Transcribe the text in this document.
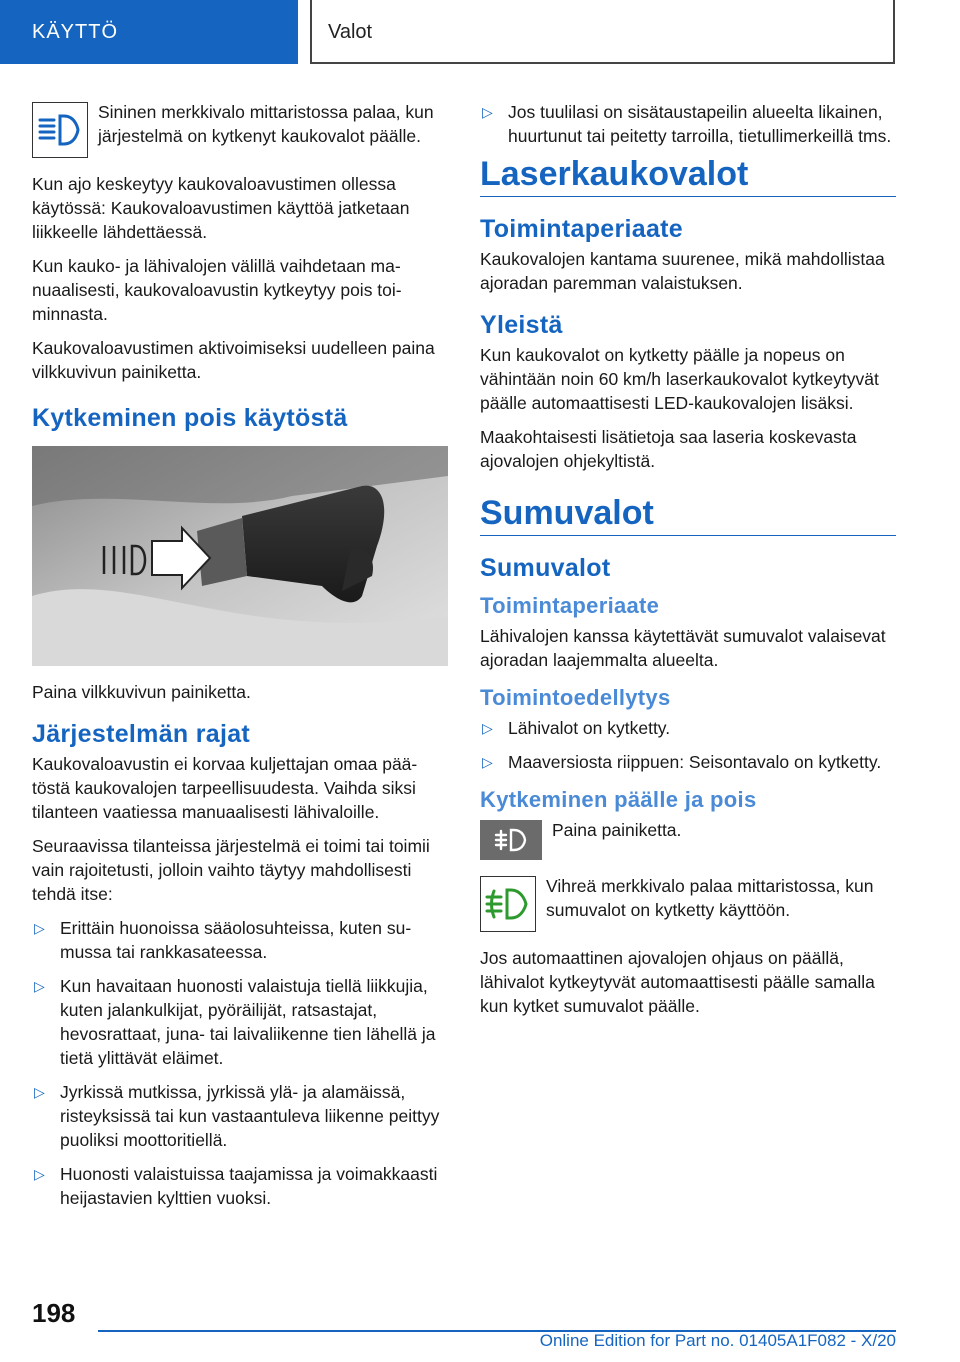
KÄYTTÖ	Valot
Sininen merkkivalo mittaristossa palaa, kun järjestelmä on kytkenyt kaukovalot päälle.

Kun ajo keskeytyy kaukovaloavustimen ollessa käytössä: Kaukovaloavustimen käyttöä jatketaan liikkeelle lähdettäessä.

Kun kauko- ja lähivalojen välillä vaihdetaan manuaalisesti, kaukovaloavustin kytkeytyy pois toiminnasta.

Kaukovaloavustimen aktivoimiseksi uudelleen paina vilkkuvivun painiketta.

Kytkeminen pois käytöstä

Paina vilkkuvivun painiketta.

Järjestelmän rajat

Kaukovaloavustin ei korvaa kuljettajan omaa päätöstä kaukovalojen tarpeellisuudesta. Vaihda siksi tilanteen vaatiessa manuaalisesti lähivaloille.

Seuraavissa tilanteissa järjestelmä ei toimi tai toimii vain rajoitetusti, jolloin vaihto täytyy mahdollisesti tehdä itse:

▷ Erittäin huonoissa sääolosuhteissa, kuten sumussa tai rankkasateessa.
▷ Kun havaitaan huonosti valaistuja tiellä liikkujia, kuten jalankulkijat, pyöräilijät, ratsastajat, hevosrattaat, juna- tai laivaliikenne tien lähellä ja tietä ylittävät eläimet.
▷ Jyrkissä mutkissa, jyrkissä ylä- ja alamäissä, risteyksissä tai kun vastaantuleva liikenne peittyy puoliksi moottoritiellä.
▷ Huonosti valaistuissa taajamissa ja voimakkaasti heijastavien kylttien vuoksi.
▷ Jos tuulilasi on sisätaustapeilin alueelta likainen, huurtunut tai peitetty tarroilla, tietullimerkeillä tms.
Laserkaukovalot
Toimintaperiaate

Kaukovalojen kantama suurenee, mikä mahdollistaa ajoradan paremman valaistuksen.

Yleistä

Kun kaukovalot on kytketty päälle ja nopeus on vähintään noin 60 km/h laserkaukovalot kytkeytyvät päälle automaattisesti LED-kaukovalojen lisäksi.

Maakohtaisesti lisätietoja saa laseria koskevasta ajovalojen ohjekyltistä.

Sumuvalot
Sumuvalot
Toimintaperiaate

Lähivalojen kanssa käytettävät sumuvalot valaisevat ajoradan laajemmalta alueelta.

Toimintoedellytys
▷ Lähivalot on kytketty.
▷ Maaversiosta riippuen: Seisontavalo on kytketty.
Kytkeminen päälle ja pois
Paina painiketta.
Vihreä merkkivalo palaa mittaristossa, kun sumuvalot on kytketty käyttöön.

Jos automaattinen ajovalojen ohjaus on päällä, lähivalot kytkeytyvät automaattisesti päälle samalla kun kytket sumuvalot päälle.

198
Online Edition for Part no. 01405A1F082 - X/20
